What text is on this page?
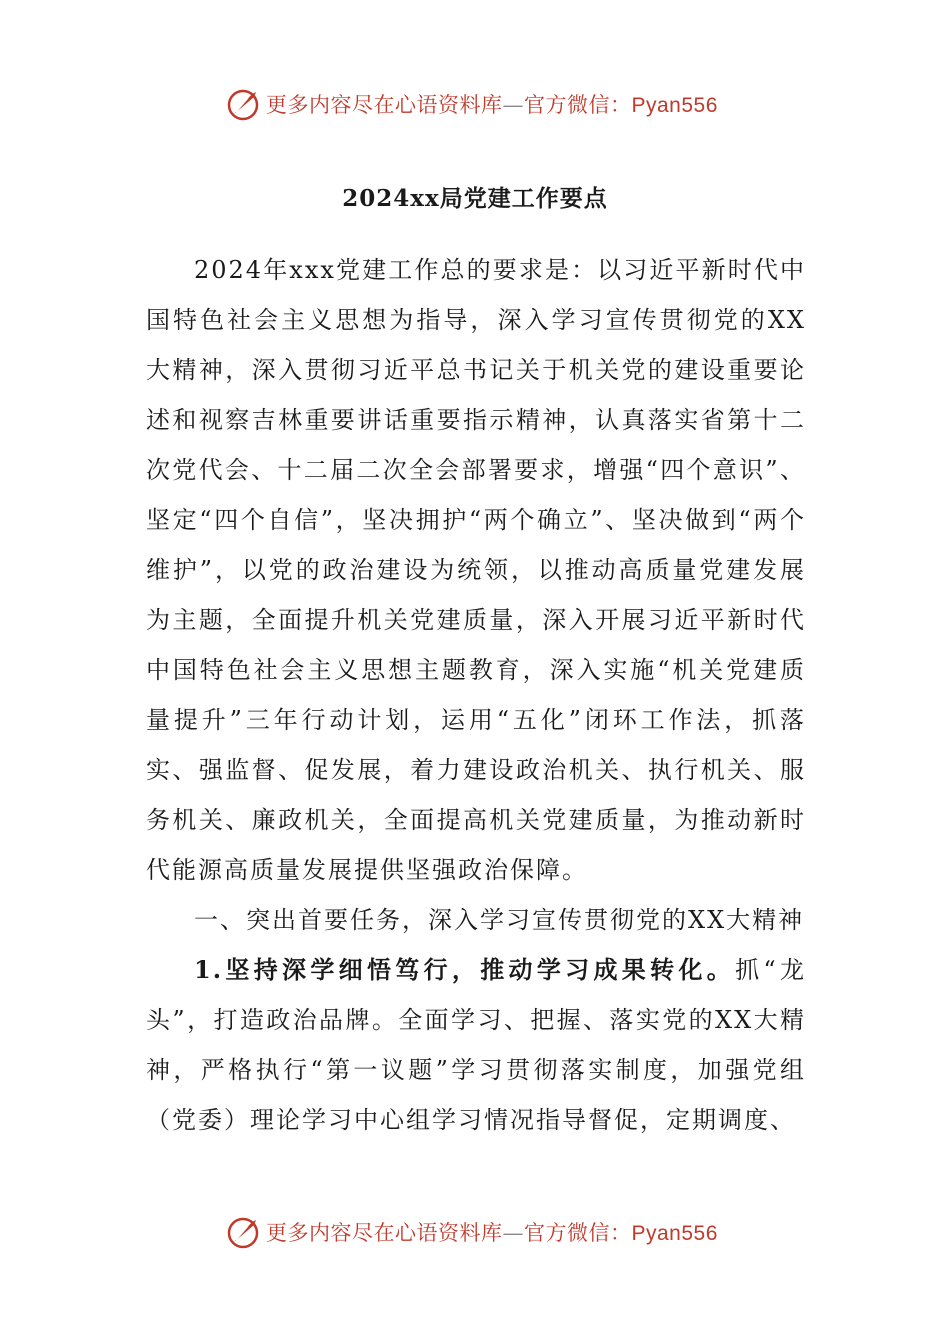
更多内容尽在心语资料库—官方微信：Pyan556
2024xx局党建工作要点

2024年xxx党建工作总的要求是：以习近平新时代中国特色社会主义思想为指导，深入学习宣传贯彻党的XX大精神，深入贯彻习近平总书记关于机关党的建设重要论述和视察吉林重要讲话重要指示精神，认真落实省第十二次党代会、十二届二次全会部署要求，增强“四个意识”、坚定“四个自信”，坚决拥护“两个确立”、坚决做到“两个维护”，以党的政治建设为统领，以推动高质量党建发展为主题，全面提升机关党建质量，深入开展习近平新时代中国特色社会主义思想主题教育，深入实施“机关党建质量提升”三年行动计划，运用“五化”闭环工作法，抓落实、强监督、促发展，着力建设政治机关、执行机关、服务机关、廉政机关，全面提高机关党建质量，为推动新时代能源高质量发展提供坚强政治保障。

一、突出首要任务，深入学习宣传贯彻党的XX大精神

1.坚持深学细悟笃行，推动学习成果转化。抓“龙头”，打造政治品牌。全面学习、把握、落实党的XX大精神，严格执行“第一议题”学习贯彻落实制度，加强党组（党委）理论学习中心组学习情况指导督促，定期调度、

更多内容尽在心语资料库—官方微信：Pyan556
